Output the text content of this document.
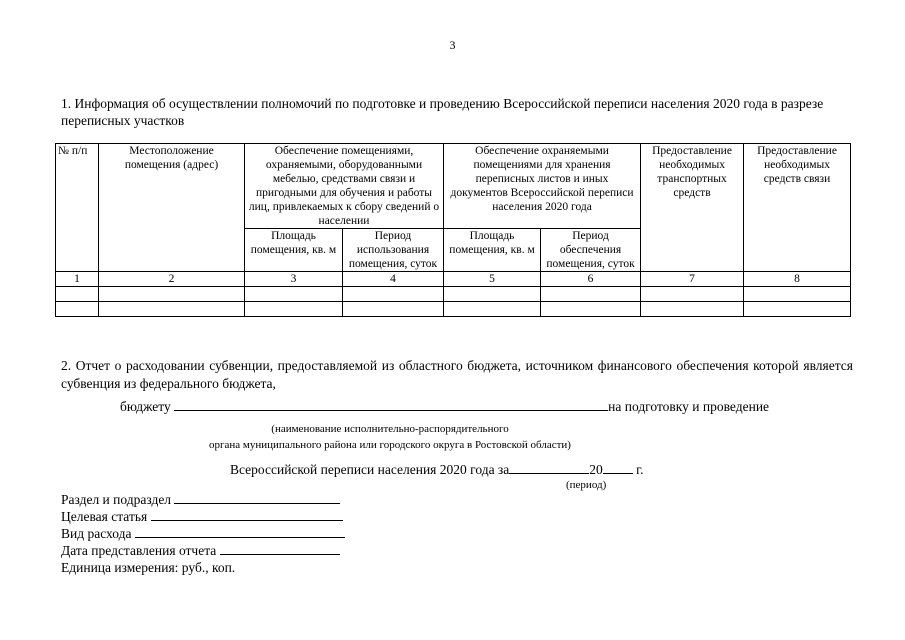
3
1. Информация об осуществлении полномочий по подготовке и проведению Всероссийской переписи населения 2020 года в разрезе переписных участков
№ п/п	Местоположение помещения (адрес)	Обеспечение помещениями, охраняемыми, оборудованными мебелью, средствами связи и пригодными для обучения и работы лиц, привлекаемых к сбору сведений о населении		Обеспечение охраняемыми помещениями для хранения переписных листов и иных документов Всероссийской переписи населения 2020 года		Предоставление необходимых транспортных средств	Предоставление необходимых средств связи
		Площадь помещения, кв. м	Период использования помещения, суток	Площадь помещения, кв. м	Период обеспечения помещения, суток		
1	2	3	4	5	6	7	8

2. Отчет о расходовании субвенции, предоставляемой из областного бюджета, источником финансового обеспечения которой является субвенция из федерального бюджета,
бюджету	на подготовку и проведение
(наименование исполнительно-распорядительного
органа муниципального района или городского округа в Ростовской области)
Всероссийской переписи населения 2020 года за	20 г.
(период)
Раздел и подраздел
Целевая статья
Вид расхода
Дата представления отчета
Единица измерения: руб., коп.
